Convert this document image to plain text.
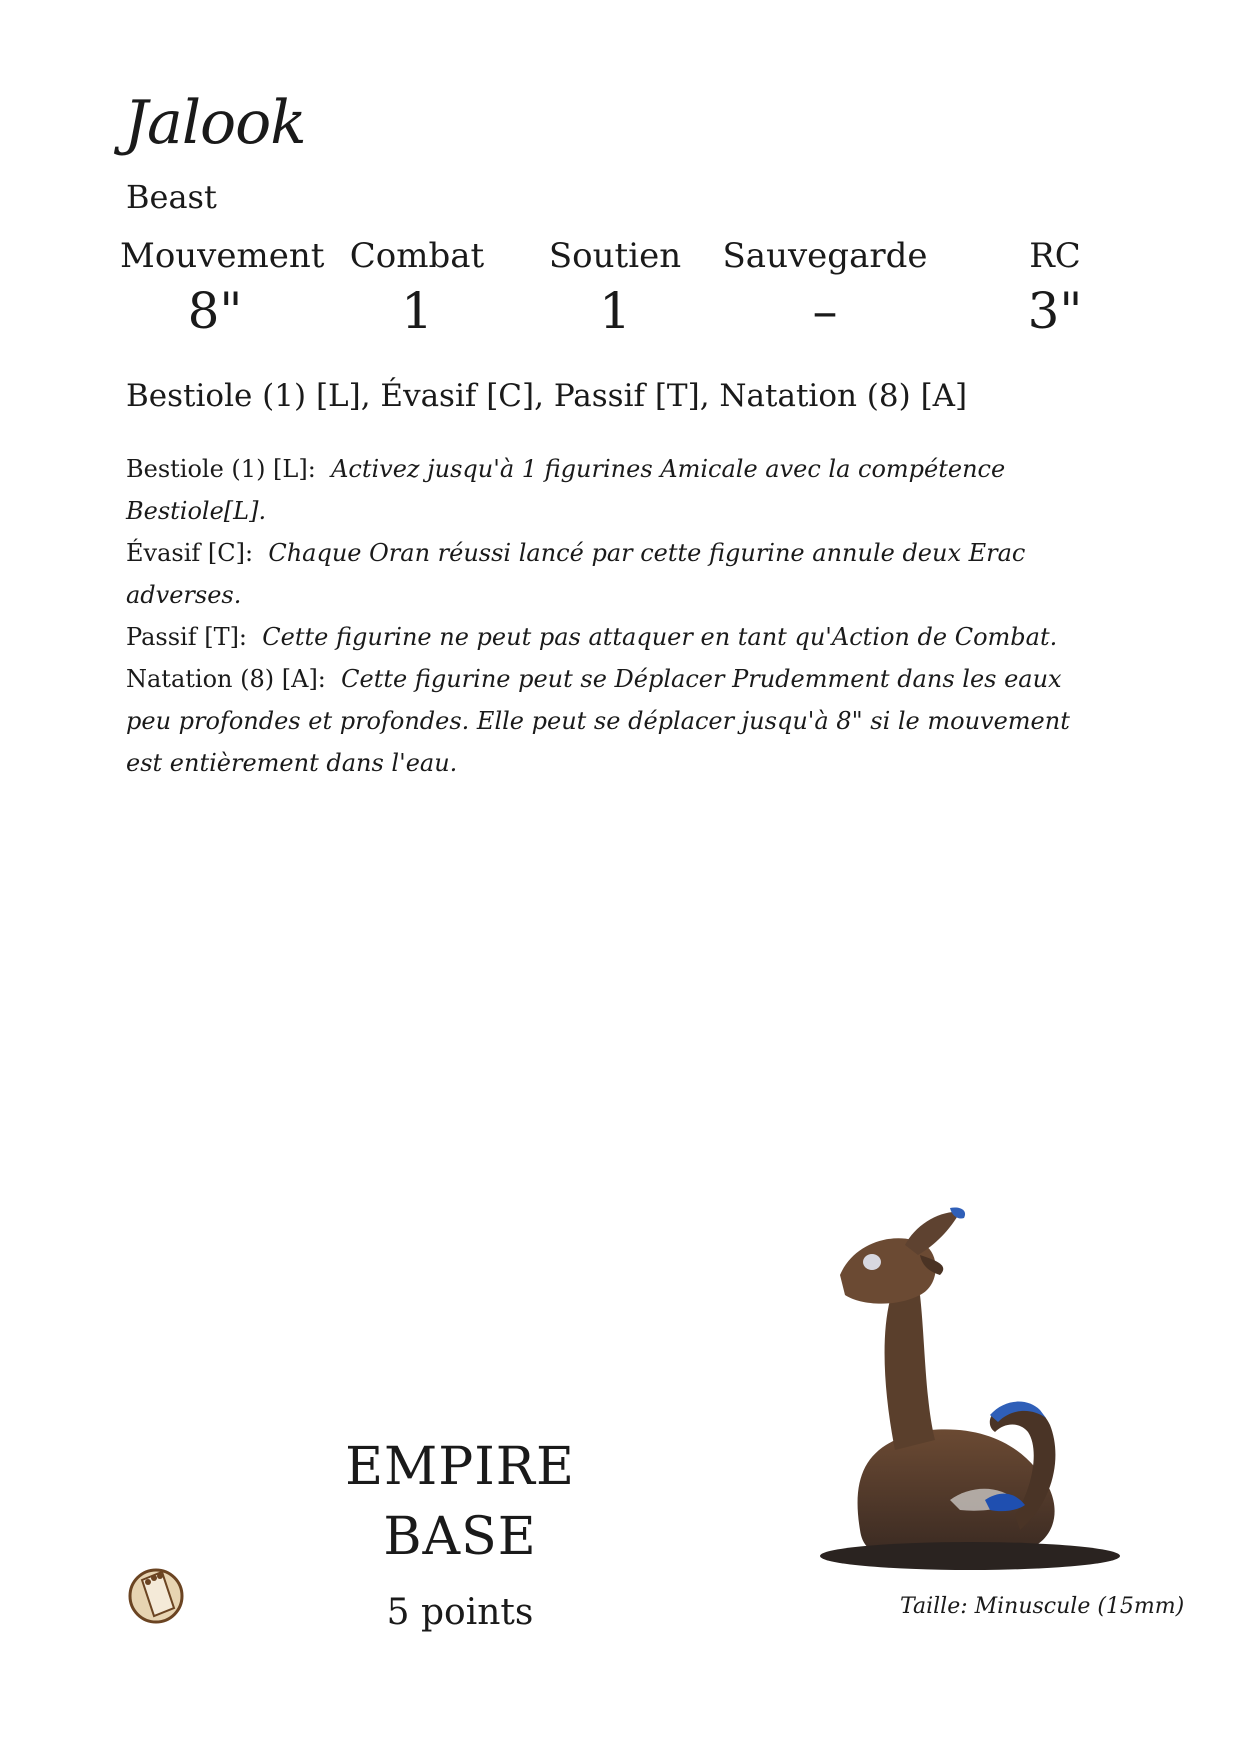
Jalook
Beast
Mouvement
8"
Combat
1
Soutien
1
Sauvegarde
–
RC
3"
Bestiole (1) [L], Évasif [C], Passif [T], Natation (8) [A]

Bestiole (1) [L]: Activez jusqu'à 1 figurines Amicale avec la compétence Bestiole[L].

Évasif [C]: Chaque Oran réussi lancé par cette figurine annule deux Erac adverses.

Passif [T]: Cette figurine ne peut pas attaquer en tant qu'Action de Combat.

Natation (8) [A]: Cette figurine peut se Déplacer Prudemment dans les eaux peu profondes et profondes. Elle peut se déplacer jusqu'à 8" si le mouvement est entièrement dans l'eau.

EMPIRE
BASE
5 points	Taille: Minuscule (15mm)
